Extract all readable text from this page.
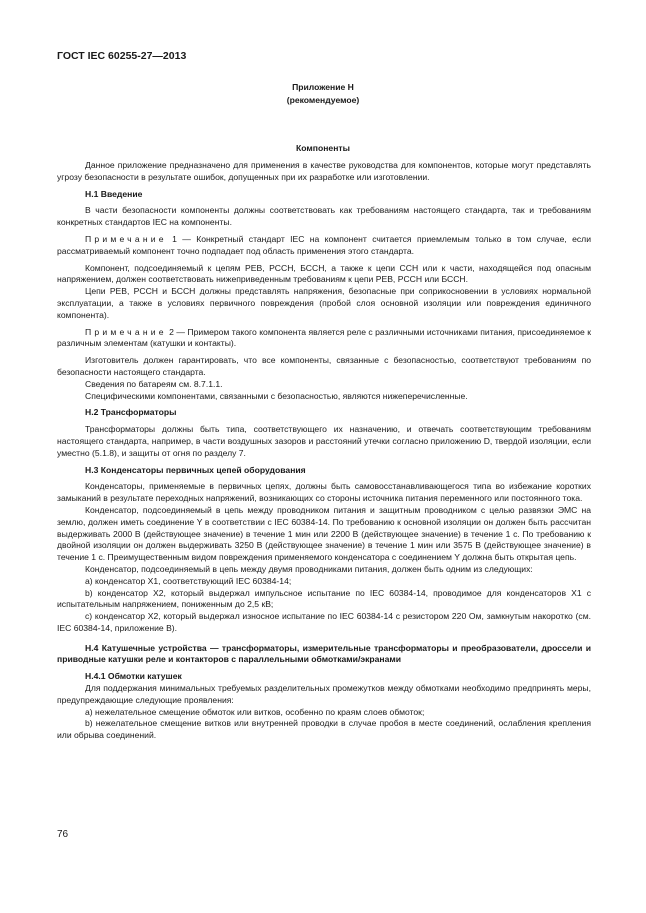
ГОСТ IEC 60255-27—2013
Приложение Н
(рекомендуемое)
Компоненты

Данное приложение предназначено для применения в качестве руководства для компонентов, которые могут представлять угрозу безопасности в результате ошибок, допущенных при их разработке или изготовлении.

Н.1 Введение

В части безопасности компоненты должны соответствовать как требованиям настоящего стандарта, так и требованиям конкретных стандартов IEC на компоненты.

Примечание 1 — Конкретный стандарт IEC на компонент считается приемлемым только в том случае, если рассматриваемый компонент точно подпадает под область применения этого стандарта.

Компонент, подсоединяемый к цепям PEB, PCCH, БССН, а также к цепи ССН или к части, находящейся под опасным напряжением, должен соответствовать нижеприведенным требованиям к цепи PEB, PCCH или БССН.

Цепи PEB, PCCH и БССН должны представлять напряжения, безопасные при соприкосновении в условиях нормальной эксплуатации, а также в условиях первичного повреждения (пробой слоя основной изоляции или повреждения единичного компонента).

Примечание 2 — Примером такого компонента является реле с различными источниками питания, присоединяемое к различным элементам (катушки и контакты).

Изготовитель должен гарантировать, что все компоненты, связанные с безопасностью, соответствуют требованиям по безопасности настоящего стандарта.

Сведения по батареям см. 8.7.1.1.

Специфическими компонентами, связанными с безопасностью, являются нижеперечисленные.

Н.2 Трансформаторы

Трансформаторы должны быть типа, соответствующего их назначению, и отвечать соответствующим требованиям настоящего стандарта, например, в части воздушных зазоров и расстояний утечки согласно приложению D, твердой изоляции, если уместно (5.1.8), и защиты от огня по разделу 7.

Н.3 Конденсаторы первичных цепей оборудования

Конденсаторы, применяемые в первичных цепях, должны быть самовосстанавливающегося типа во избежание коротких замыканий в результате переходных напряжений, возникающих со стороны источника питания переменного или постоянного тока.

Конденсатор, подсоединяемый в цепь между проводником питания и защитным проводником с целью развязки ЭМС на землю, должен иметь соединение Y в соответствии с IEC 60384-14. По требованию к основной изоляции он должен быть рассчитан выдерживать 2000 В (действующее значение) в течение 1 мин или 2200 В (действующее значение) в течение 1 с. По требованию к двойной изоляции он должен выдерживать 3250 В (действующее значение) в течение 1 мин или 3575 В (действующее значение) в течение 1 с. Преимущественным видом повреждения применяемого конденсатора с соединением Y должна быть открытая цепь.

Конденсатор, подсоединяемый в цепь между двумя проводниками питания, должен быть одним из следующих:

а) конденсатор X1, соответствующий IEC 60384-14;

b) конденсатор X2, который выдержал импульсное испытание по IEC 60384-14, проводимое для конденсаторов X1 с испытательным напряжением, пониженным до 2,5 кВ;

с) конденсатор X2, который выдержал износное испытание по IEC 60384-14 с резистором 220 Ом, замкнутым накоротко (см. IEC 60384-14, приложение В).

Н.4 Катушечные устройства — трансформаторы, измерительные трансформаторы и преобразователи, дроссели и приводные катушки реле и контакторов с параллельными обмотками/экранами

Н.4.1 Обмотки катушек

Для поддержания минимальных требуемых разделительных промежутков между обмотками необходимо предпринять меры, предупреждающие следующие проявления:

а) нежелательное смещение обмоток или витков, особенно по краям слоев обмоток;

b) нежелательное смещение витков или внутренней проводки в случае пробоя в месте соединений, ослабления крепления или обрыва соединений.

76
